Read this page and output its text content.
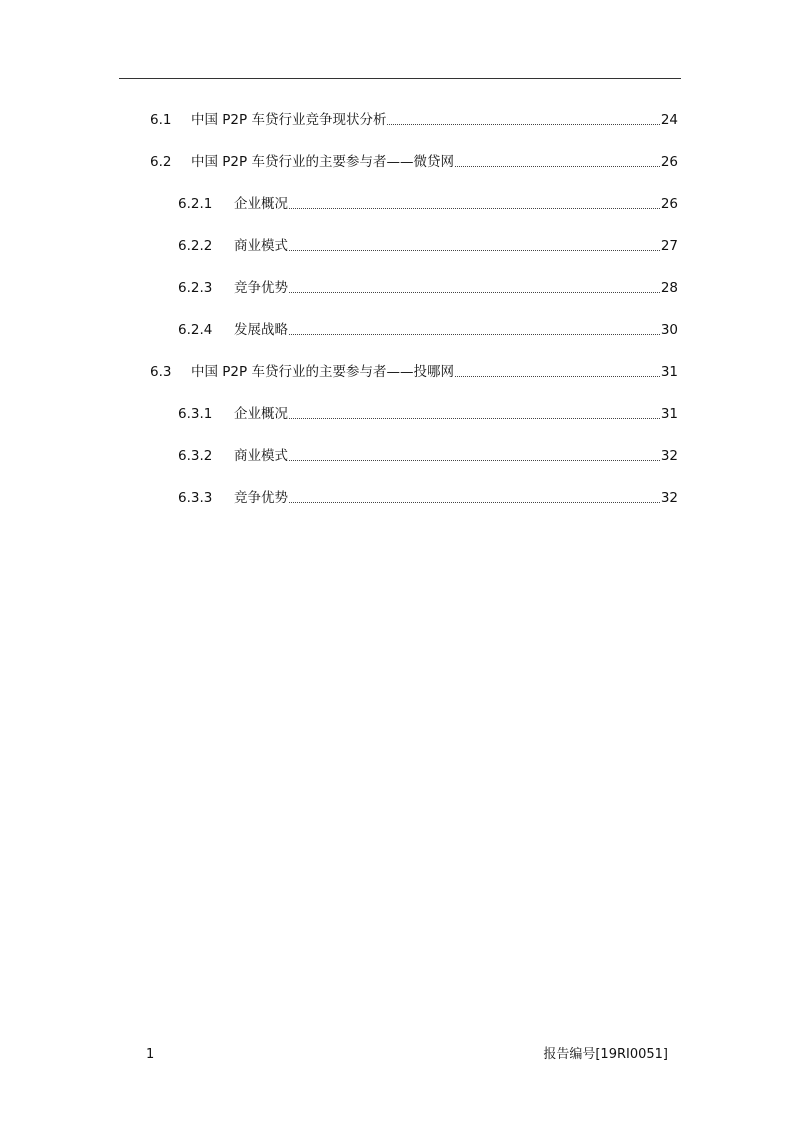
6.1	中国 P2P 车贷行业竞争现状分析	24
6.2	中国 P2P 车贷行业的主要参与者——微贷网	26
6.2.1	企业概况	26
6.2.2	商业模式	27
6.2.3	竞争优势	28
6.2.4	发展战略	30
6.3	中国 P2P 车贷行业的主要参与者——投哪网	31
6.3.1	企业概况	31
6.3.2	商业模式	32
6.3.3	竞争优势	32
1	报告编号[19RI0051]
